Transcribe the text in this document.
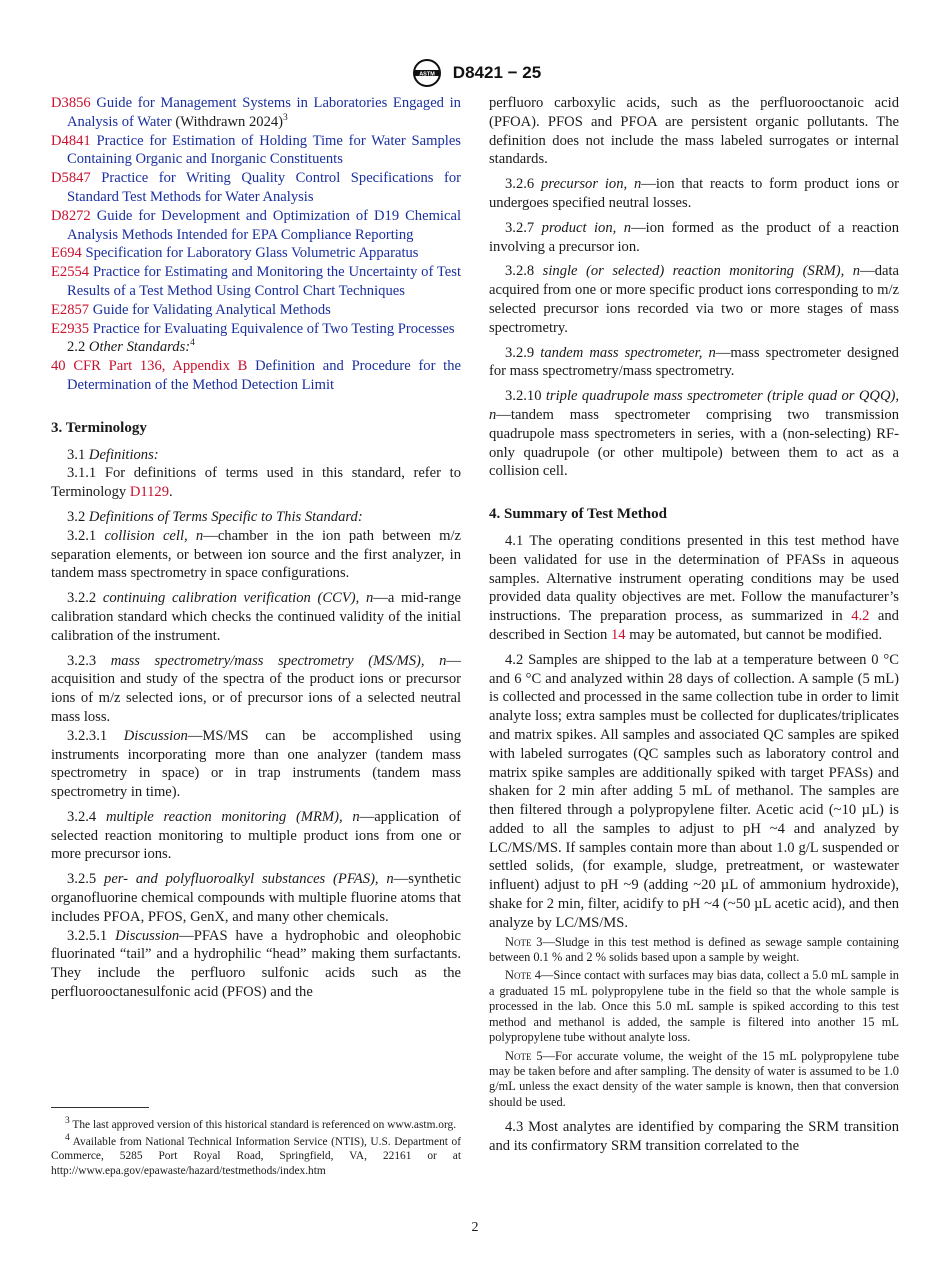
ASTM D8421 − 25

D3856 Guide for Management Systems in Laboratories Engaged in Analysis of Water (Withdrawn 2024)$^3$

D4841 Practice for Estimation of Holding Time for Water Samples Containing Organic and Inorganic Constituents

D5847 Practice for Writing Quality Control Specifications for Standard Test Methods for Water Analysis

D8272 Guide for Development and Optimization of D19 Chemical Analysis Methods Intended for EPA Compliance Reporting

E694 Specification for Laboratory Glass Volumetric Apparatus

E2554 Practice for Estimating and Monitoring the Uncertainty of Test Results of a Test Method Using Control Chart Techniques

E2857 Guide for Validating Analytical Methods

E2935 Practice for Evaluating Equivalence of Two Testing Processes

2.2 Other Standards:$^4$

40 CFR Part 136, Appendix B Definition and Procedure for the Determination of the Method Detection Limit

3. Terminology

3.1 Definitions:

3.1.1 For definitions of terms used in this standard, refer to Terminology D1129.

3.2 Definitions of Terms Specific to This Standard:

3.2.1 collision cell, n—chamber in the ion path between m/z separation elements, or between ion source and the first analyzer, in tandem mass spectrometry in space configurations.

3.2.2 continuing calibration verification (CCV), n—a mid-range calibration standard which checks the continued validity of the initial calibration of the instrument.

3.2.3 mass spectrometry/mass spectrometry (MS/MS), n—acquisition and study of the spectra of the product ions or precursor ions of m/z selected ions, or of precursor ions of a selected neutral mass loss.

3.2.3.1 Discussion—MS/MS can be accomplished using instruments incorporating more than one analyzer (tandem mass spectrometry in space) or in trap instruments (tandem mass spectrometry in time).

3.2.4 multiple reaction monitoring (MRM), n—application of selected reaction monitoring to multiple product ions from one or more precursor ions.

3.2.5 per- and polyfluoroalkyl substances (PFAS), n—synthetic organofluorine chemical compounds with multiple fluorine atoms that includes PFOA, PFOS, GenX, and many other chemicals.

3.2.5.1 Discussion—PFAS have a hydrophobic and oleophobic fluorinated “tail” and a hydrophilic “head” making them surfactants. They include the perfluoro sulfonic acids such as the perfluorooctanesulfonic acid (PFOS) and the

perfluoro carboxylic acids, such as the perfluorooctanoic acid (PFOA). PFOS and PFOA are persistent organic pollutants. The definition does not include the mass labeled surrogates or internal standards.

3.2.6 precursor ion, n—ion that reacts to form product ions or undergoes specified neutral losses.

3.2.7 product ion, n—ion formed as the product of a reaction involving a precursor ion.

3.2.8 single (or selected) reaction monitoring (SRM), n—data acquired from one or more specific product ions corresponding to m/z selected precursor ions recorded via two or more stages of mass spectrometry.

3.2.9 tandem mass spectrometer, n—mass spectrometer designed for mass spectrometry/mass spectrometry.

3.2.10 triple quadrupole mass spectrometer (triple quad or QQQ), n—tandem mass spectrometer comprising two transmission quadrupole mass spectrometers in series, with a (non-selecting) RF-only quadrupole (or other multipole) between them to act as a collision cell.

4. Summary of Test Method

4.1 The operating conditions presented in this test method have been validated for use in the determination of PFASs in aqueous samples. Alternative instrument operating conditions may be used provided data quality objectives are met. Follow the manufacturer’s instructions. The preparation process, as summarized in 4.2 and described in Section 14 may be automated, but cannot be modified.

4.2 Samples are shipped to the lab at a temperature between 0 °C and 6 °C and analyzed within 28 days of collection. A sample (5 mL) is collected and processed in the same collection tube in order to limit analyte loss; extra samples must be collected for duplicates/triplicates and matrix spikes. All samples and associated QC samples are spiked with labeled surrogates (QC samples such as laboratory control and matrix spike samples are additionally spiked with target PFASs) and shaken for 2 min after adding 5 mL of methanol. The samples are then filtered through a polypropylene filter. Acetic acid (~10 µL) is added to all the samples to adjust to pH ~4 and analyzed by LC/MS/MS. If samples contain more than about 1.0 g/L suspended or settled solids, (for example, sludge, pretreatment, or wastewater influent) adjust to pH ~9 (adding ~20 µL of ammonium hydroxide), shake for 2 min, filter, acidify to pH ~4 (~50 µL acetic acid), and then analyze by LC/MS/MS.

Note 3—Sludge in this test method is defined as sewage sample containing between 0.1 % and 2 % solids based upon a sample by weight.

Note 4—Since contact with surfaces may bias data, collect a 5.0 mL sample in a graduated 15 mL polypropylene tube in the field so that the whole sample is processed in the lab. Once this 5.0 mL sample is spiked according to this test method and methanol is added, the sample is filtered into another 15 mL polypropylene tube without analyte loss.

Note 5—For accurate volume, the weight of the 15 mL polypropylene tube may be taken before and after sampling. The density of water is assumed to be 1.0 g/mL unless the exact density of the water sample is known, then that conversion should be used.

4.3 Most analytes are identified by comparing the SRM transition and its confirmatory SRM transition correlated to the

$^3$ The last approved version of this historical standard is referenced on www.astm.org.

$^4$ Available from National Technical Information Service (NTIS), U.S. Department of Commerce, 5285 Port Royal Road, Springfield, VA, 22161 or at http://www.epa.gov/epawaste/hazard/testmethods/index.htm

2
